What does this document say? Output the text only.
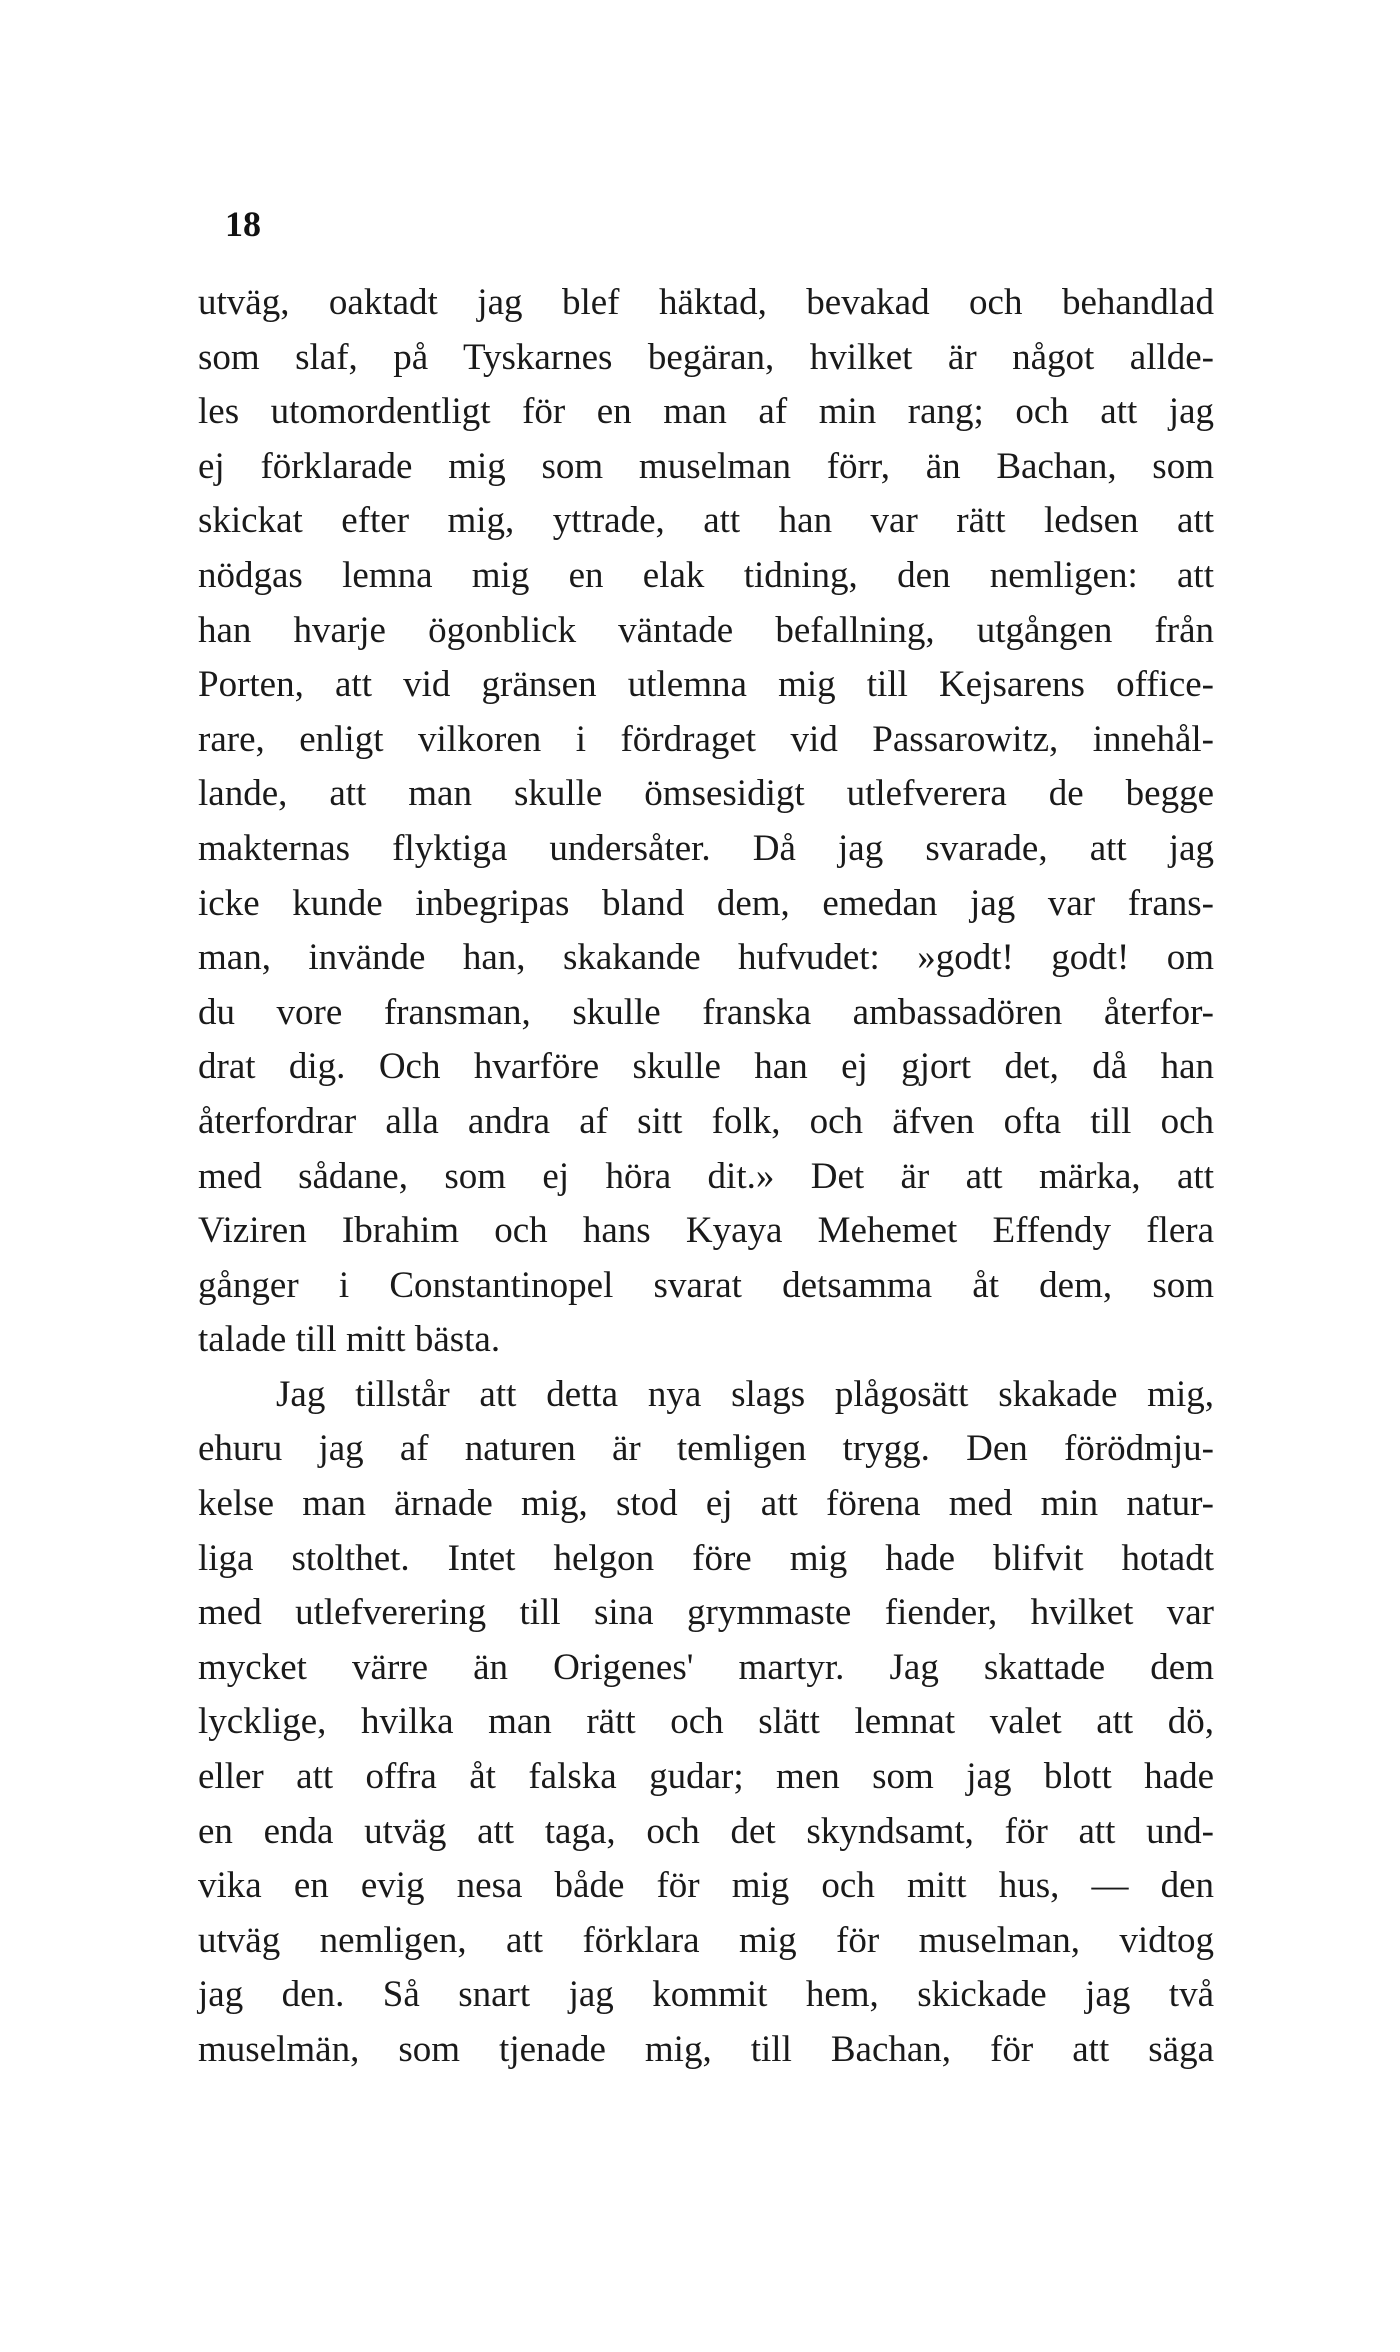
18
utväg, oaktadt jag blef häktad, bevakad och behandlad
som slaf, på Tyskarnes begäran, hvilket är något allde-
les utomordentligt för en man af min rang; och att jag
ej förklarade mig som muselman förr, än Bachan, som
skickat efter mig, yttrade, att han var rätt ledsen att
nödgas lemna mig en elak tidning, den nemligen: att
han hvarje ögonblick väntade befallning, utgången från
Porten, att vid gränsen utlemna mig till Kejsarens officе-
rare, enligt vilkoren i fördraget vid Passarowitz, innehål-
lande, att man skulle ömsesidigt utlefverera de begge
makternas flyktiga undersåter. Då jag svarade, att jag
icke kunde inbegripas bland dem, emedan jag var frans-
man, invände han, skakande hufvudet: »godt! godt! om
du vore fransman, skulle franska ambassadören återfor-
drat dig. Och hvarföre skulle han ej gjort det, då han
återfordrar alla andra af sitt folk, och äfven ofta till och
med sådane, som ej höra dit.» Det är att märka, att
Viziren Ibrahim och hans Kyaya Mehemet Effendy flera
gånger i Constantinopel svarat detsamma åt dem, som
talade till mitt bästa.
Jag tillstår att detta nya slags plågosätt skakade mig,
ehuru jag af naturen är temligen trygg. Den förödmju-
kelse man ärnade mig, stod ej att förena med min natur-
liga stolthet. Intet helgon före mig hade blifvit hotadt
med utlefverering till sina grymmaste fiender, hvilket var
mycket värre än Origenes' martyr. Jag skattade dem
lycklige, hvilka man rätt och slätt lemnat valet att dö,
eller att offra åt falska gudar; men som jag blott hade
en enda utväg att taga, och det skyndsamt, för att und-
vika en evig nesa både för mig och mitt hus, — den
utväg nemligen, att förklara mig för muselman, vidtog
jag den. Så snart jag kommit hem, skickade jag två
muselmän, som tjenade mig, till Bachan, för att säga
